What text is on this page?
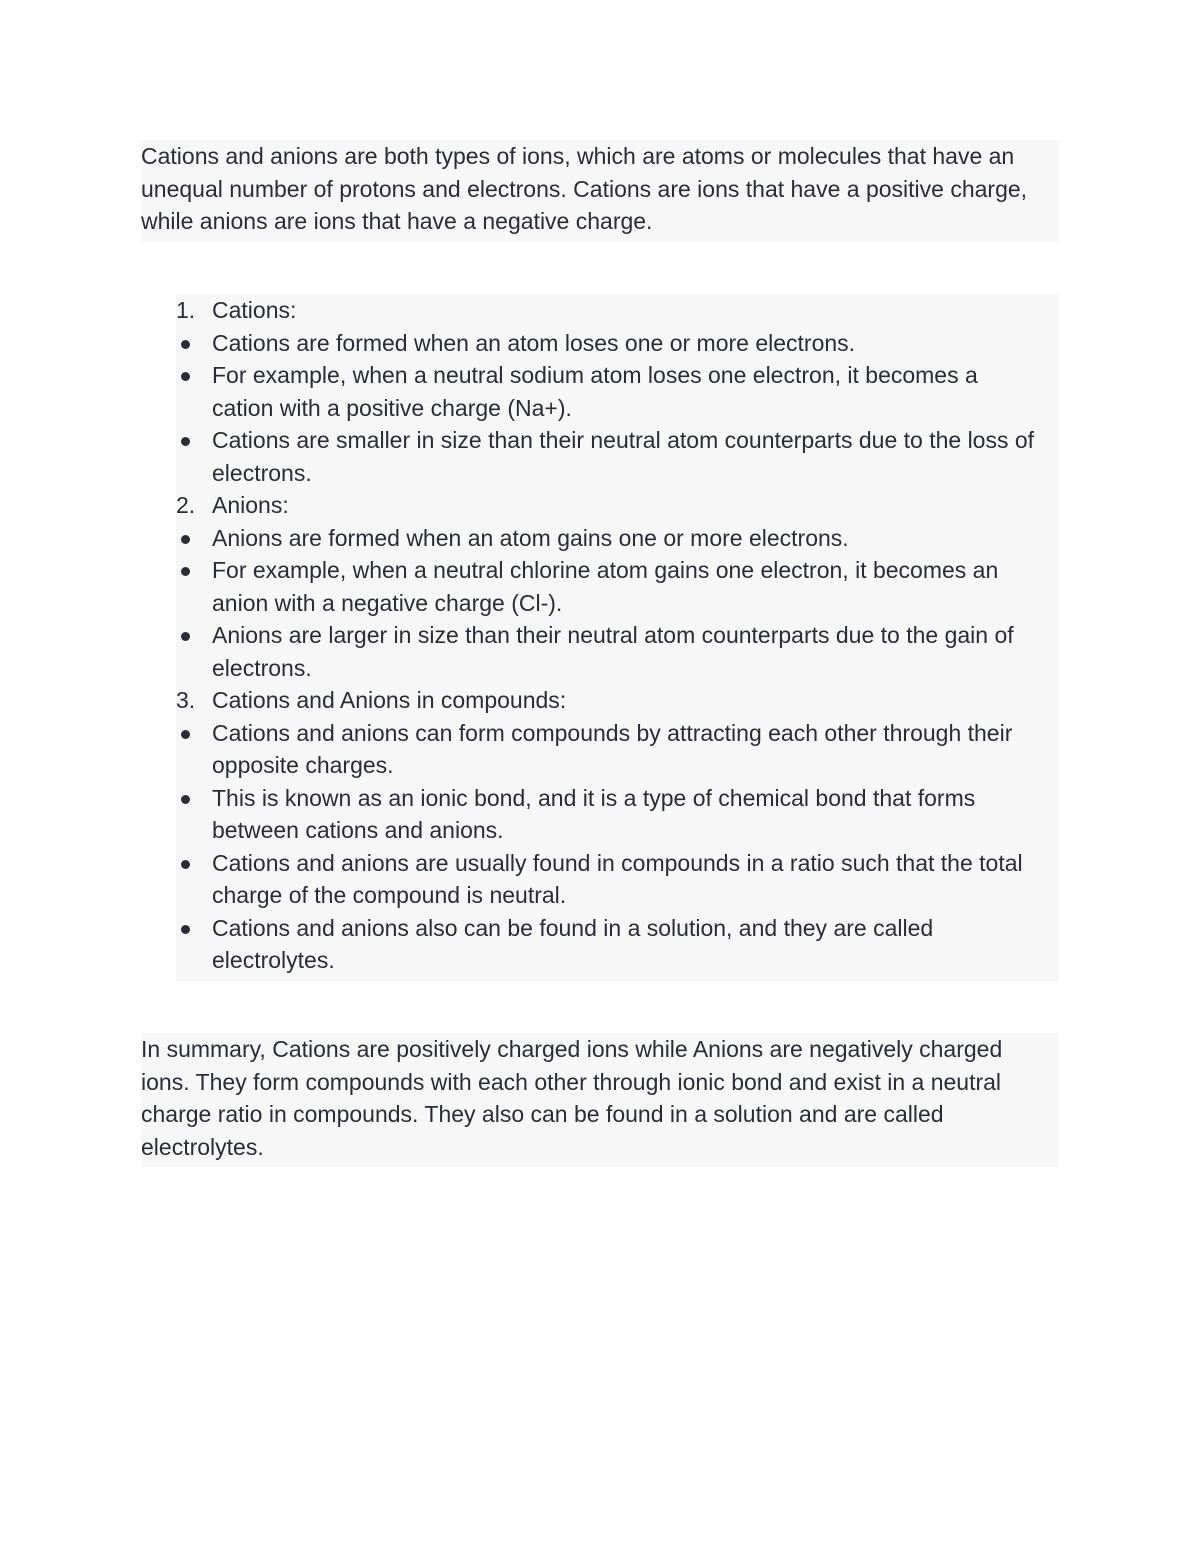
Cations and anions are both types of ions, which are atoms or molecules that have an
unequal number of protons and electrons. Cations are ions that have a positive charge,
while anions are ions that have a negative charge.
1. Cations:
Cations are formed when an atom loses one or more electrons.
For example, when a neutral sodium atom loses one electron, it becomes a
cation with a positive charge (Na+).
Cations are smaller in size than their neutral atom counterparts due to the loss of
electrons.
2. Anions:
Anions are formed when an atom gains one or more electrons.
For example, when a neutral chlorine atom gains one electron, it becomes an
anion with a negative charge (Cl-).
Anions are larger in size than their neutral atom counterparts due to the gain of
electrons.
3. Cations and Anions in compounds:
Cations and anions can form compounds by attracting each other through their
opposite charges.
This is known as an ionic bond, and it is a type of chemical bond that forms
between cations and anions.
Cations and anions are usually found in compounds in a ratio such that the total
charge of the compound is neutral.
Cations and anions also can be found in a solution, and they are called
electrolytes.
In summary, Cations are positively charged ions while Anions are negatively charged
ions. They form compounds with each other through ionic bond and exist in a neutral
charge ratio in compounds. They also can be found in a solution and are called
electrolytes.
